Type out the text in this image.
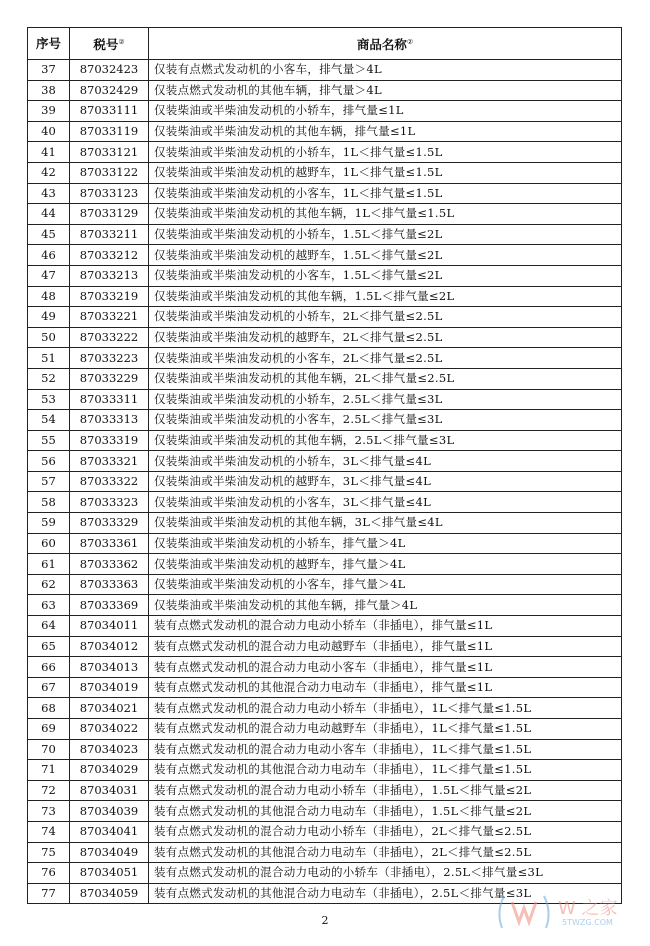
序号	税号②	商品名称②
37	87032423	仅装有点燃式发动机的小客车，排气量＞4L
38	87032429	仅装点燃式发动机的其他车辆，排气量＞4L
39	87033111	仅装柴油或半柴油发动机的小轿车，排气量≤1L
40	87033119	仅装柴油或半柴油发动机的其他车辆，排气量≤1L
41	87033121	仅装柴油或半柴油发动机的小轿车，1L＜排气量≤1.5L
42	87033122	仅装柴油或半柴油发动机的越野车，1L＜排气量≤1.5L
43	87033123	仅装柴油或半柴油发动机的小客车，1L＜排气量≤1.5L
44	87033129	仅装柴油或半柴油发动机的其他车辆，1L＜排气量≤1.5L
45	87033211	仅装柴油或半柴油发动机的小轿车，1.5L＜排气量≤2L
46	87033212	仅装柴油或半柴油发动机的越野车，1.5L＜排气量≤2L
47	87033213	仅装柴油或半柴油发动机的小客车，1.5L＜排气量≤2L
48	87033219	仅装柴油或半柴油发动机的其他车辆，1.5L＜排气量≤2L
49	87033221	仅装柴油或半柴油发动机的小轿车，2L＜排气量≤2.5L
50	87033222	仅装柴油或半柴油发动机的越野车，2L＜排气量≤2.5L
51	87033223	仅装柴油或半柴油发动机的小客车，2L＜排气量≤2.5L
52	87033229	仅装柴油或半柴油发动机的其他车辆，2L＜排气量≤2.5L
53	87033311	仅装柴油或半柴油发动机的小轿车，2.5L＜排气量≤3L
54	87033313	仅装柴油或半柴油发动机的小客车，2.5L＜排气量≤3L
55	87033319	仅装柴油或半柴油发动机的其他车辆，2.5L＜排气量≤3L
56	87033321	仅装柴油或半柴油发动机的小轿车，3L＜排气量≤4L
57	87033322	仅装柴油或半柴油发动机的越野车，3L＜排气量≤4L
58	87033323	仅装柴油或半柴油发动机的小客车，3L＜排气量≤4L
59	87033329	仅装柴油或半柴油发动机的其他车辆，3L＜排气量≤4L
60	87033361	仅装柴油或半柴油发动机的小轿车，排气量＞4L
61	87033362	仅装柴油或半柴油发动机的越野车，排气量＞4L
62	87033363	仅装柴油或半柴油发动机的小客车，排气量＞4L
63	87033369	仅装柴油或半柴油发动机的其他车辆，排气量＞4L
64	87034011	装有点燃式发动机的混合动力电动小轿车（非插电），排气量≤1L
65	87034012	装有点燃式发动机的混合动力电动越野车（非插电），排气量≤1L
66	87034013	装有点燃式发动机的混合动力电动小客车（非插电），排气量≤1L
67	87034019	装有点燃式发动机的其他混合动力电动车（非插电），排气量≤1L
68	87034021	装有点燃式发动机的混合动力电动小轿车（非插电），1L＜排气量≤1.5L
69	87034022	装有点燃式发动机的混合动力电动越野车（非插电），1L＜排气量≤1.5L
70	87034023	装有点燃式发动机的混合动力电动小客车（非插电），1L＜排气量≤1.5L
71	87034029	装有点燃式发动机的其他混合动力电动车（非插电），1L＜排气量≤1.5L
72	87034031	装有点燃式发动机的混合动力电动小轿车（非插电），1.5L＜排气量≤2L
73	87034039	装有点燃式发动机的其他混合动力电动车（非插电），1.5L＜排气量≤2L
74	87034041	装有点燃式发动机的混合动力电动小轿车（非插电），2L＜排气量≤2.5L
75	87034049	装有点燃式发动机的其他混合动力电动车（非插电），2L＜排气量≤2.5L
76	87034051	装有点燃式发动机的混合动力电动的小轿车（非插电），2.5L＜排气量≤3L
77	87034059	装有点燃式发动机的其他混合动力电动车（非插电），2.5L＜排气量≤3L
2
W 之家
5TWZG.COM
